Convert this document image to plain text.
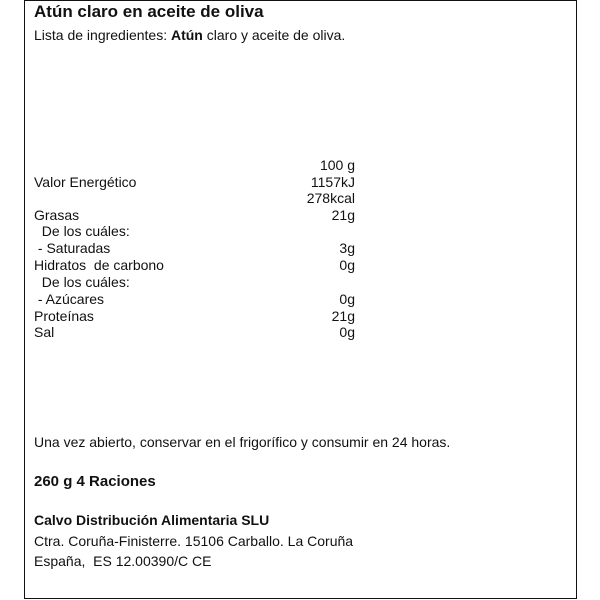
Atún claro en aceite de oliva
Lista de ingredientes: Atún claro y aceite de oliva.
100 g
Valor Energético	1157kJ
278kcal
Grasas	21g
De los cuáles:
- Saturadas	3g
Hidratos  de carbono	0g
De los cuáles:
- Azúcares	0g
Proteínas	21g
Sal	0g
Una vez abierto, conservar en el frigorífico y consumir en 24 horas.
260 g 4 Raciones
Calvo Distribución Alimentaria SLU
Ctra. Coruña-Finisterre. 15106 Carballo. La Coruña
España,  ES 12.00390/C CE
